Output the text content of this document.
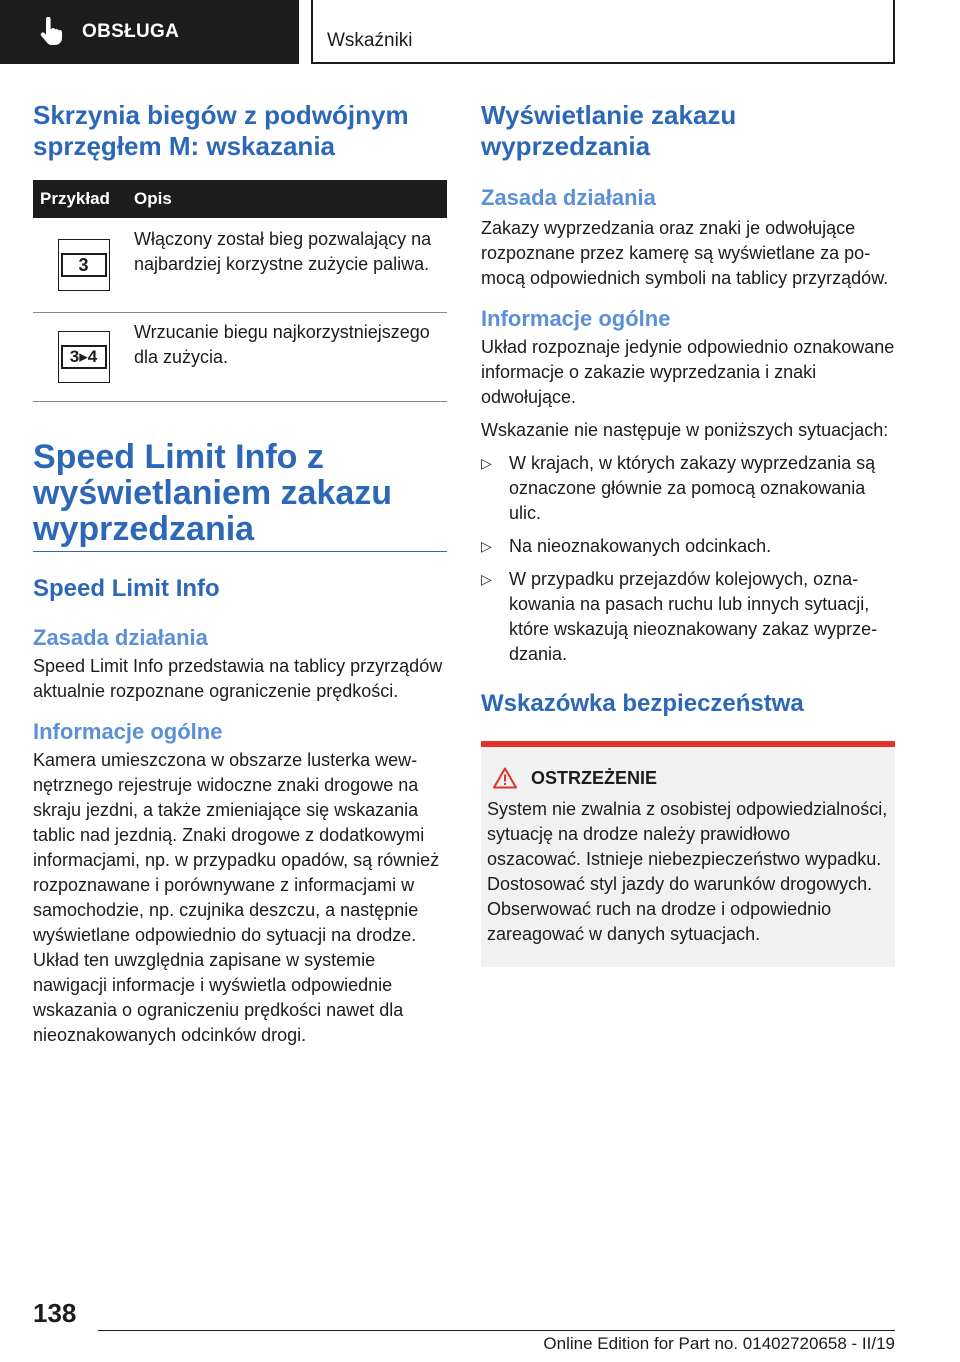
OBSŁUGA	Wskaźniki
Skrzynia biegów z podwójnym sprzęgłem M: wskazania
Przykład	Opis
3
Włączony został bieg pozwalający na najbardziej korzystne zużycie paliwa.
3▸4
Wrzucanie biegu najkorzystniejszego dla zużycia.
Speed Limit Info z wyświetlaniem zakazu wyprzedzania
Speed Limit Info
Zasada działania

Speed Limit Info przedstawia na tablicy przyrządów aktualnie rozpoznane ograniczenie prędkości.

Informacje ogólne

Kamera umieszczona w obszarze lusterka wewnętrznego rejestruje widoczne znaki drogowe na skraju jezdni, a także zmieniające się wskazania tablic nad jezdnią. Znaki drogowe z dodatkowymi informacjami, np. w przypadku opadów, są również rozpoznawane i porównywane z informacjami w samochodzie, np. czujnika deszczu, a następnie wyświetlane odpowiednio do sytuacji na drodze. Układ ten uwzględnia zapisane w systemie nawigacji informacje i wyświetla odpowiednie wskazania o ograniczeniu prędkości nawet dla nieoznakowanych odcinków drogi.

Wyświetlanie zakazu wyprzedzania
Zasada działania

Zakazy wyprzedzania oraz znaki je odwołujące rozpoznane przez kamerę są wyświetlane za pomocą odpowiednich symboli na tablicy przyrządów.

Informacje ogólne

Układ rozpoznaje jedynie odpowiednio oznakowane informacje o zakazie wyprzedzania i znaki odwołujące.

Wskazanie nie następuje w poniższych sytuacjach:

▷ W krajach, w których zakazy wyprzedzania są oznaczone głównie za pomocą oznakowania ulic.
▷ Na nieoznakowanych odcinkach.
▷ W przypadku przejazdów kolejowych, oznakowania na pasach ruchu lub innych sytuacji, które wskazują nieoznakowany zakaz wyprzedzania.
Wskazówka bezpieczeństwa
OSTRZEŻENIE

System nie zwalnia z osobistej odpowiedzialności, sytuację na drodze należy prawidłowo oszacować. Istnieje niebezpieczeństwo wypadku. Dostosować styl jazdy do warunków drogowych. Obserwować ruch na drodze i odpowiednio zareagować w danych sytuacjach.

138
Online Edition for Part no. 01402720658 - II/19
